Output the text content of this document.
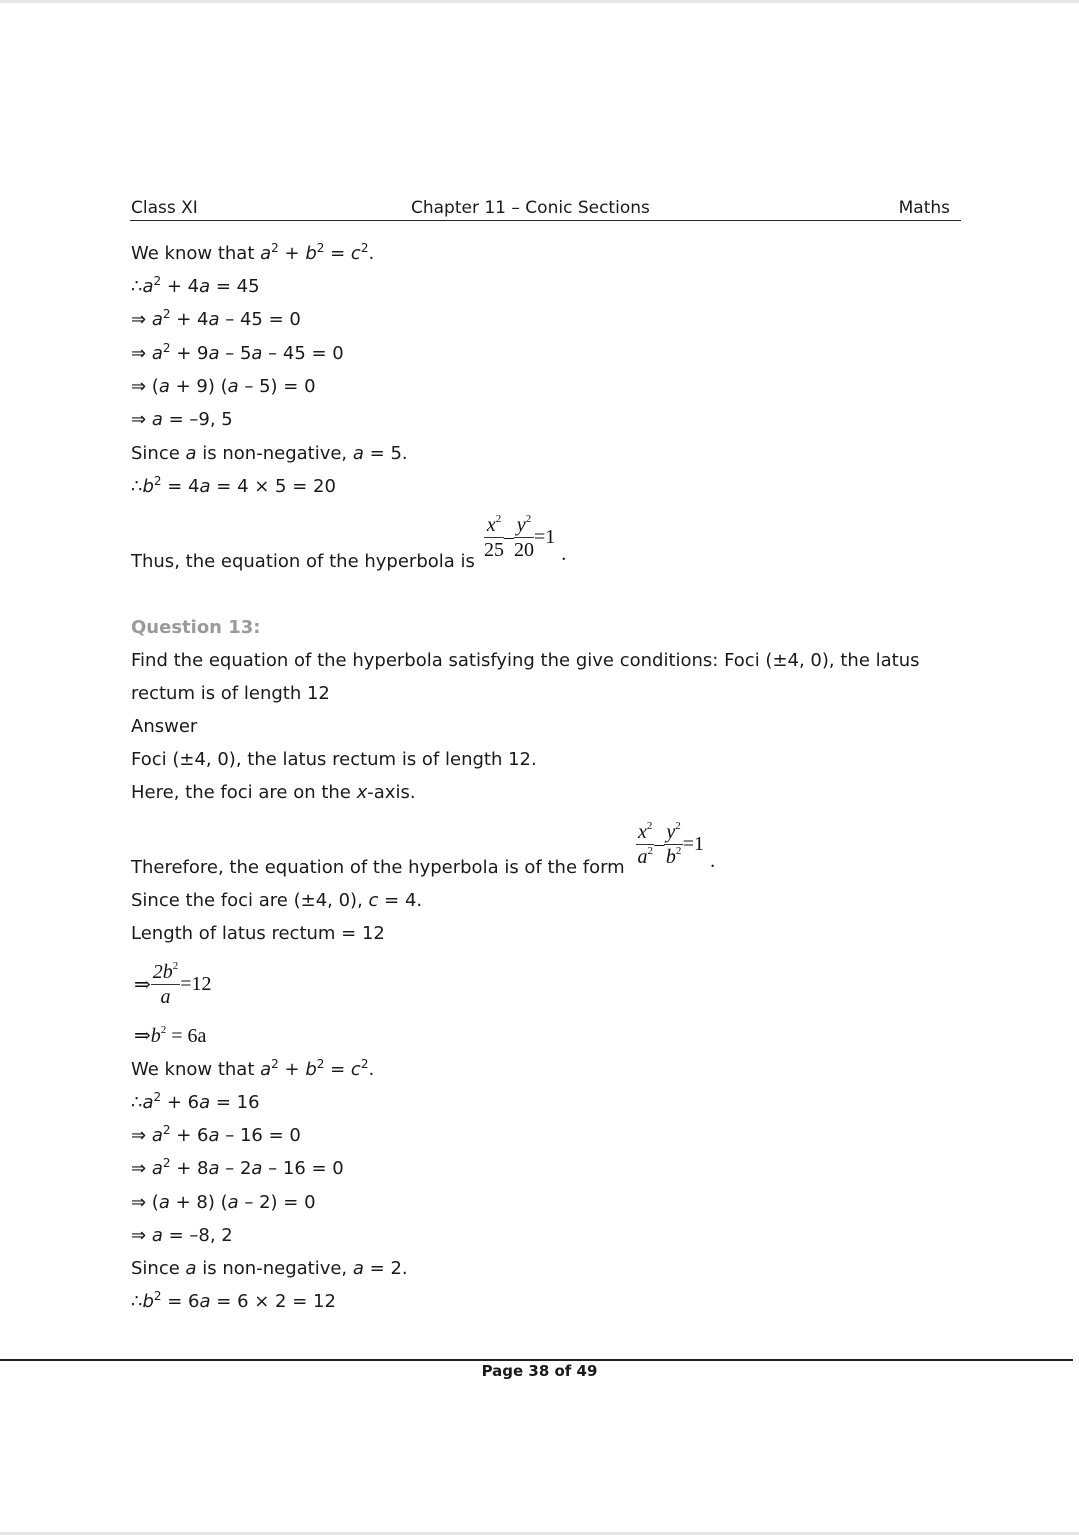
Class XI	Chapter 11 – Conic Sections	Maths
We know that $a^2 + b^2 = c^2$.
$\therefore a^2 + 4a = 45$
⇒ $a^2 + 4a - 45 = 0$
⇒ $a^2 + 9a - 5a - 45 = 0$
⇒ (a + 9) (a – 5) = 0
⇒ a = –9, 5
Since a is non-negative, a = 5.
$\therefore b^2 = 4a = 4 \times 5 = 20$
Thus, the equation of the hyperbola is $\frac{x^2}{25} - \frac{y^2}{20} =1$.
Question 13:
Find the equation of the hyperbola satisfying the give conditions: Foci (±4, 0), the latus
rectum is of length 12
Answer
Foci (±4, 0), the latus rectum is of length 12.
Here, the foci are on the x-axis.
Therefore, the equation of the hyperbola is of the form $\frac{x^2}{a^2} - \frac{y^2}{b^2} =1$.
Since the foci are (±4, 0), c = 4.
Length of latus rectum = 12
⇒ $\frac{2b^2}{a} =12$
$\Rightarrow b^2 = 6a$
We know that $a^2 + b^2 = c^2$.
$\therefore a^2 + 6a = 16$
⇒ $a^2 + 6a - 16 = 0$
⇒ $a^2 + 8a - 2a - 16 = 0$
⇒ (a + 8) (a – 2) = 0
⇒ a = –8, 2
Since a is non-negative, a = 2.
$\therefore b^2 = 6a = 6 \times 2 = 12$
Page 38 of 49
